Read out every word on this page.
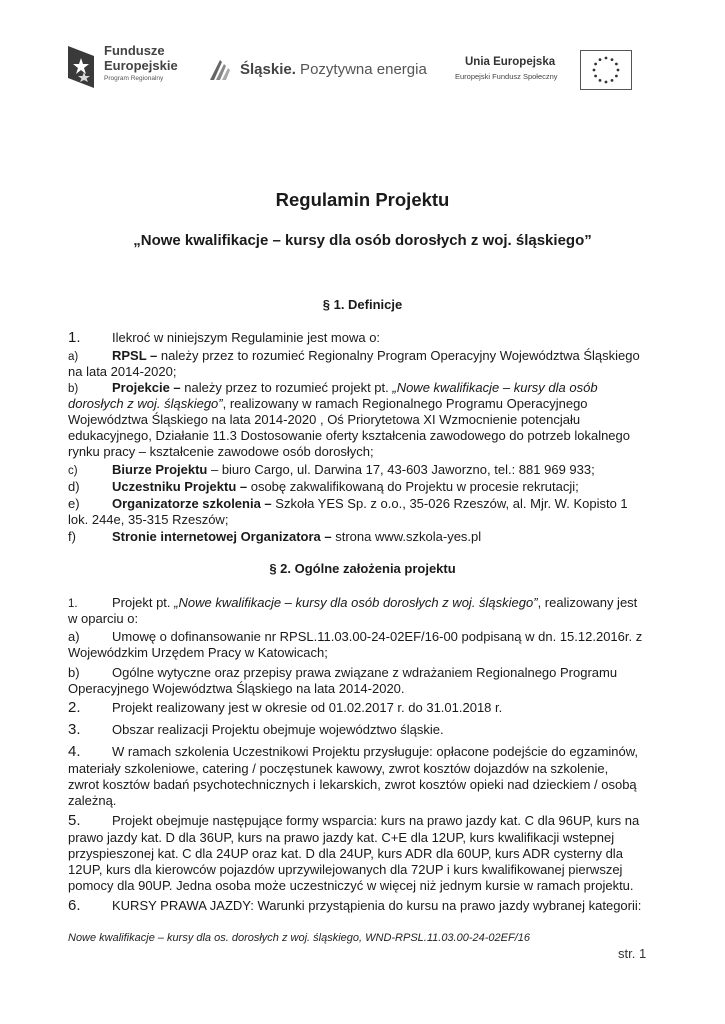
Fundusze
Europejskie
Program Regionalny
Śląskie. Pozytywna energia	Unia Europejska
Europejski Fundusz Społeczny
Regulamin Projektu
„Nowe kwalifikacje – kursy dla osób dorosłych z woj. śląskiego”
§ 1. Definicje
1. Ilekroć w niniejszym Regulaminie jest mowa o:
a)	RPSL – należy przez to rozumieć Regionalny Program Operacyjny Województwa Śląskiego
na lata 2014-2020;
b)	Projekcie – należy przez to rozumieć projekt pt. „Nowe kwalifikacje – kursy dla osób
dorosłych z woj. śląskiego”, realizowany w ramach Regionalnego Programu Operacyjnego
Województwa Śląskiego na lata 2014-2020 , Oś Priorytetowa XI Wzmocnienie potencjału
edukacyjnego, Działanie 11.3 Dostosowanie oferty kształcenia zawodowego do potrzeb lokalnego
rynku pracy – kształcenie zawodowe osób dorosłych;
c)	Biurze Projektu – biuro Cargo, ul. Darwina 17, 43-603 Jaworzno, tel.: 881 969 933;
d) Uczestniku Projektu – osobę zakwalifikowaną do Projektu w procesie rekrutacji;
e) Organizatorze szkolenia – Szkoła YES Sp. z o.o., 35-026 Rzeszów, al. Mjr. W. Kopisto 1
lok. 244e, 35-315 Rzeszów;
f)	Stronie internetowej Organizatora – strona www.szkola-yes.pl
§ 2. Ogólne założenia projektu
1.	Projekt pt. „Nowe kwalifikacje – kursy dla osób dorosłych z woj. śląskiego”, realizowany jest
w oparciu o:
a) Umowę o dofinansowanie nr RPSL.11.03.00-24-02EF/16-00 podpisaną w dn. 15.12.2016r. z
Wojewódzkim Urzędem Pracy w Katowicach;
b) Ogólne wytyczne oraz przepisy prawa związane z wdrażaniem Regionalnego Programu
Operacyjnego Województwa Śląskiego na lata 2014-2020.
2. Projekt realizowany jest w okresie od 01.02.2017 r. do 31.01.2018 r.
3. Obszar realizacji Projektu obejmuje województwo śląskie.
4. W ramach szkolenia Uczestnikowi Projektu przysługuje: opłacone podejście do egzaminów,
materiały szkoleniowe, catering / poczęstunek kawowy, zwrot kosztów dojazdów na szkolenie,
zwrot kosztów badań psychotechnicznych i lekarskich, zwrot kosztów opieki nad dzieckiem / osobą
zależną.
5. Projekt obejmuje następujące formy wsparcia: kurs na prawo jazdy kat. C dla 96UP, kurs na
prawo jazdy kat. D dla 36UP, kurs na prawo jazdy kat. C+E dla 12UP, kurs kwalifikacji wstepnej
przyspieszonej kat. C dla 24UP oraz kat. D dla 24UP, kurs ADR dla 60UP, kurs ADR cysterny dla
12UP, kurs dla kierowców pojazdów uprzywilejowanych dla 72UP i kurs kwalifikowanej pierwszej
pomocy dla 90UP. Jedna osoba może uczestniczyć w więcej niż jednym kursie w ramach projektu.
6. KURSY PRAWA JAZDY: Warunki przystąpienia do kursu na prawo jazdy wybranej kategorii:
Nowe kwalifikacje – kursy dla os. dorosłych z woj. śląskiego, WND-RPSL.11.03.00-24-02EF/16
str. 1
